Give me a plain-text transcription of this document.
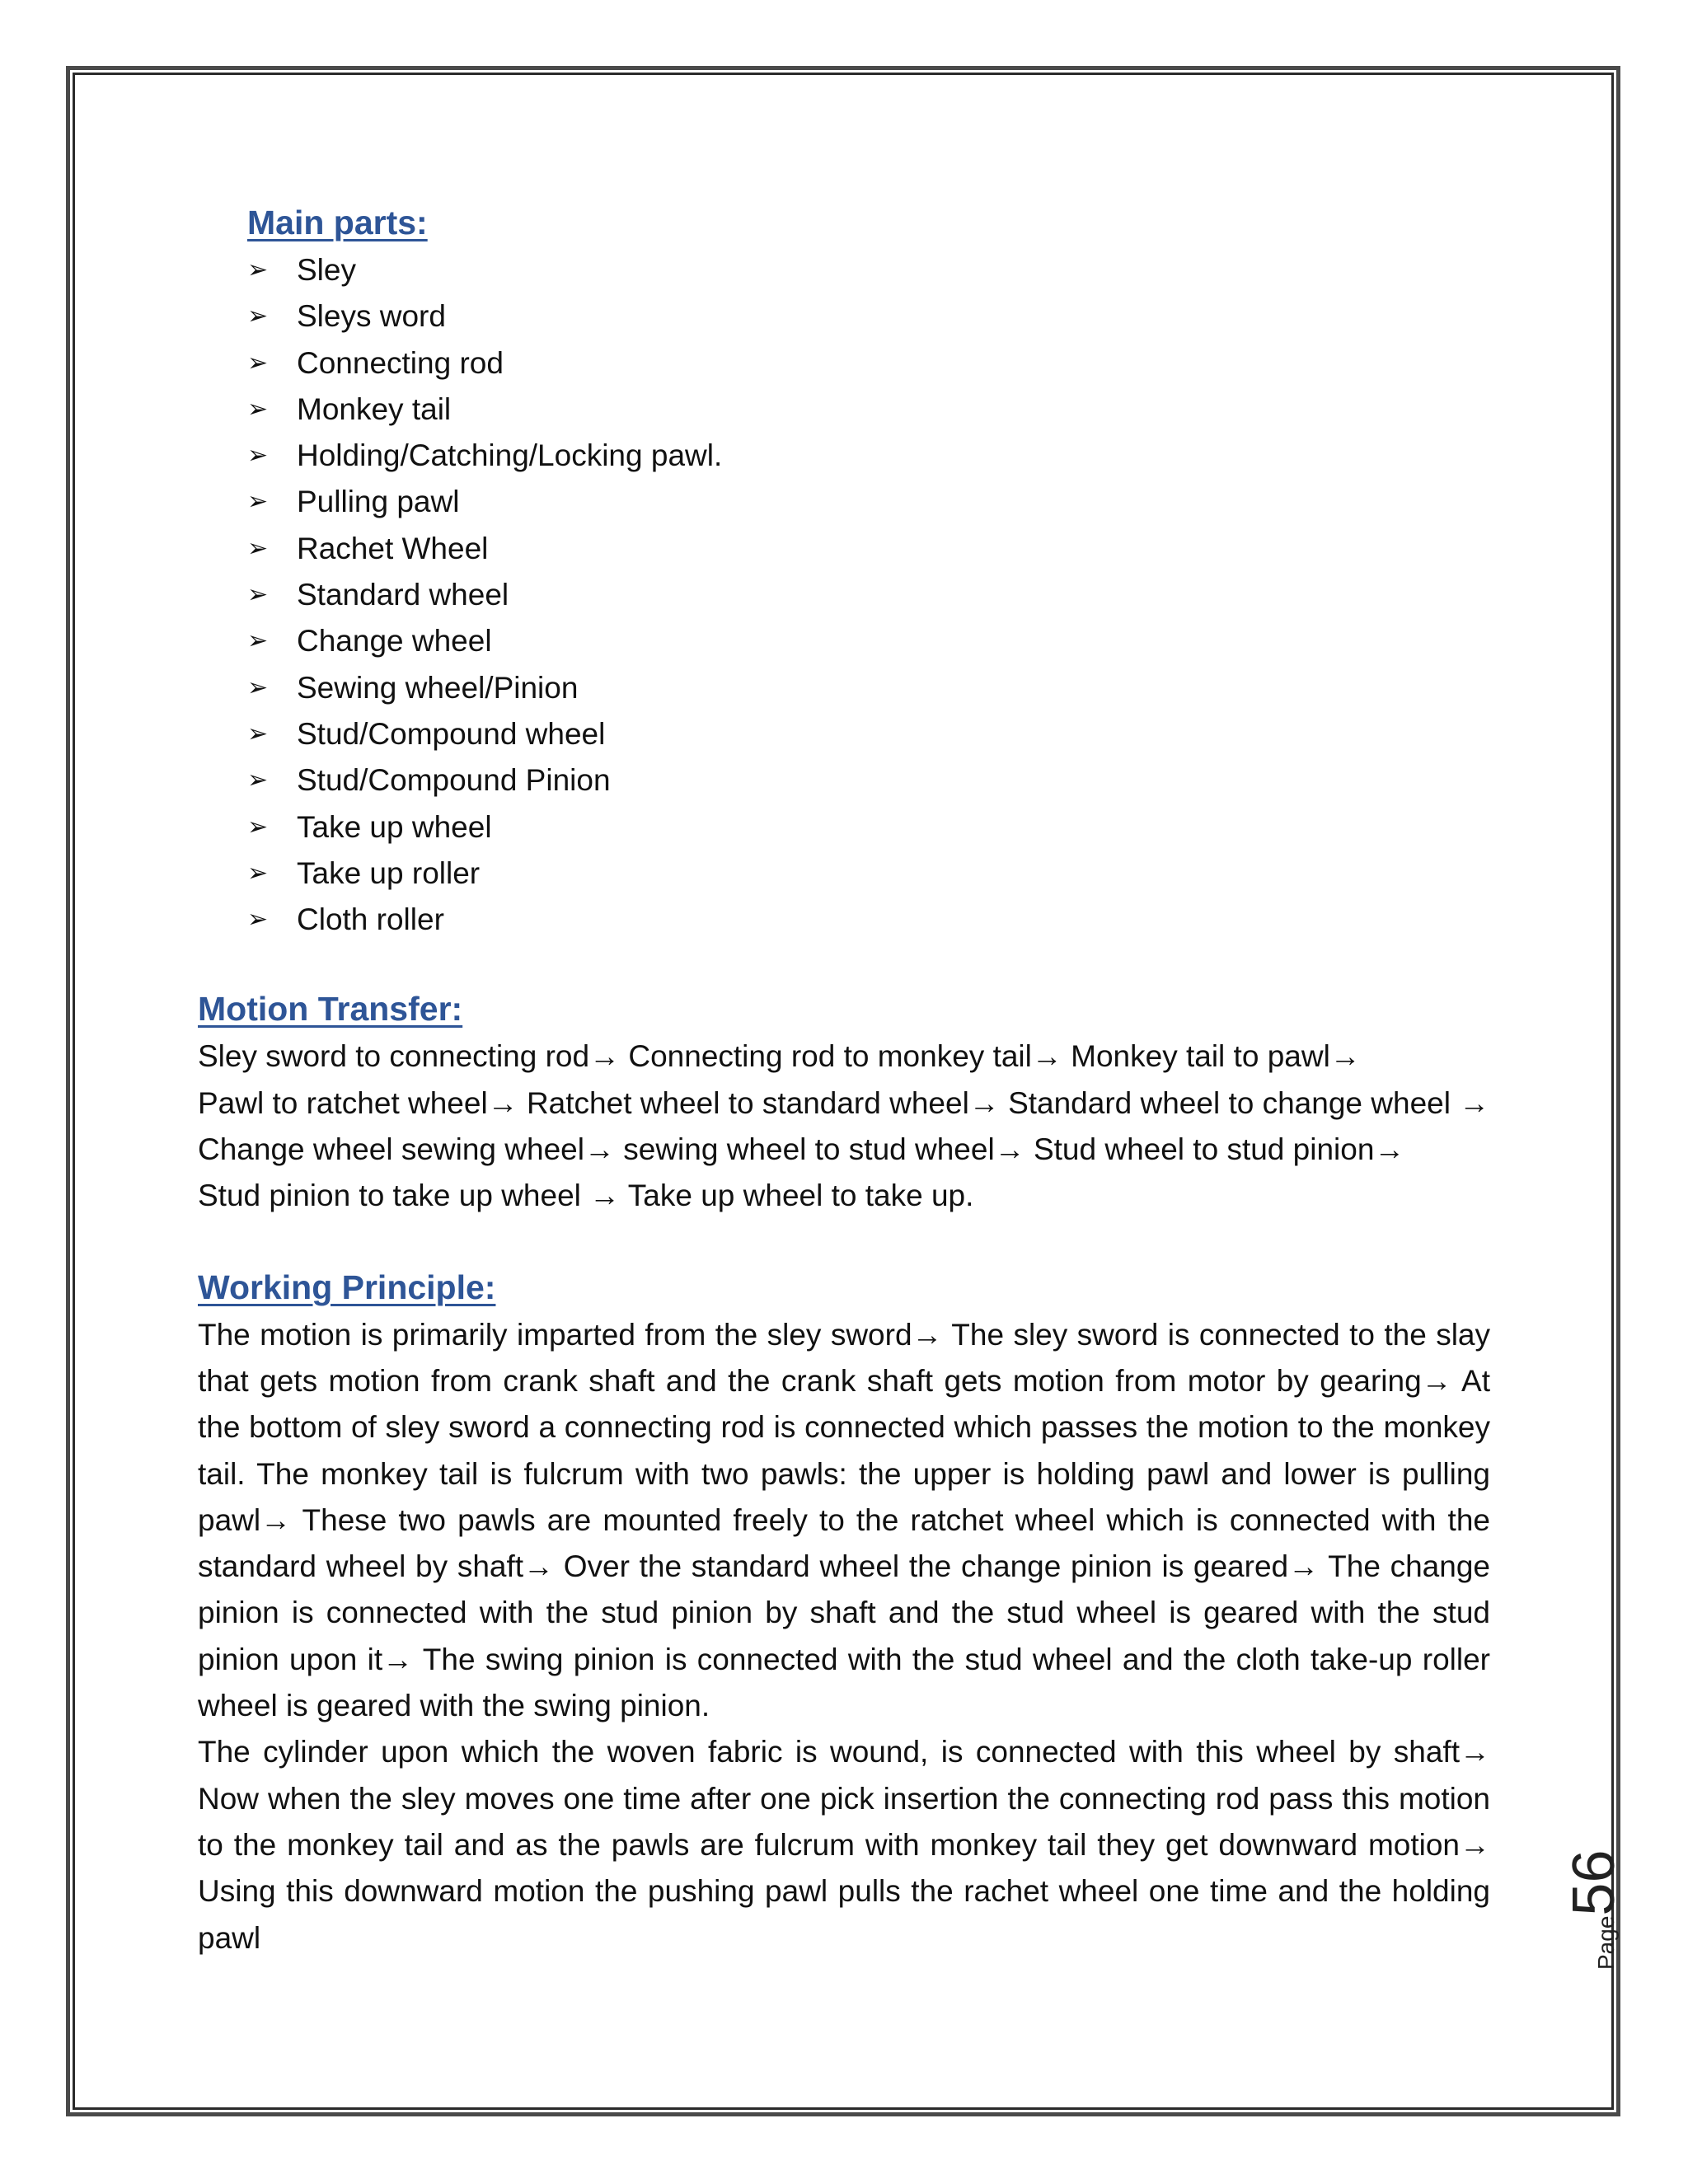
Main parts:
➢ Sley
➢ Sleys word
➢ Connecting rod
➢ Monkey tail
➢ Holding/Catching/Locking pawl.
➢ Pulling pawl
➢ Rachet Wheel
➢ Standard wheel
➢ Change wheel
➢ Sewing wheel/Pinion
➢ Stud/Compound wheel
➢ Stud/Compound Pinion
➢ Take up wheel
➢ Take up roller
➢ Cloth roller
Motion Transfer:

Sley sword to connecting rod→ Connecting rod to monkey tail→ Monkey tail to pawl→

Pawl to ratchet wheel→ Ratchet wheel to standard wheel→ Standard wheel to change wheel →

Change wheel sewing wheel→ sewing wheel to stud wheel→ Stud wheel to stud pinion→

Stud pinion to take up wheel → Take up wheel to take up.

Working Principle:

The motion is primarily imparted from the sley sword→ The sley sword is connected to the slay that gets motion from crank shaft and the crank shaft gets motion from motor by gearing→ At the bottom of sley sword a connecting rod is connected which passes the motion to the monkey tail. The monkey tail is fulcrum with two pawls: the upper is holding pawl and lower is pulling pawl→ These two pawls are mounted freely to the ratchet wheel which is connected with the standard wheel by shaft→ Over the standard wheel the change pinion is geared→ The change pinion is connected with the stud pinion by shaft and the stud wheel is geared with the stud pinion upon it→ The swing pinion is connected with the stud wheel and the cloth take-up roller wheel is geared with the swing pinion.

The cylinder upon which the woven fabric is wound, is connected with this wheel by shaft→ Now when the sley moves one time after one pick insertion the connecting rod pass this motion to the monkey tail and as the pawls are fulcrum with monkey tail they get downward motion→ Using this downward motion the pushing pawl pulls the rachet wheel one time and the holding pawl	Page56
